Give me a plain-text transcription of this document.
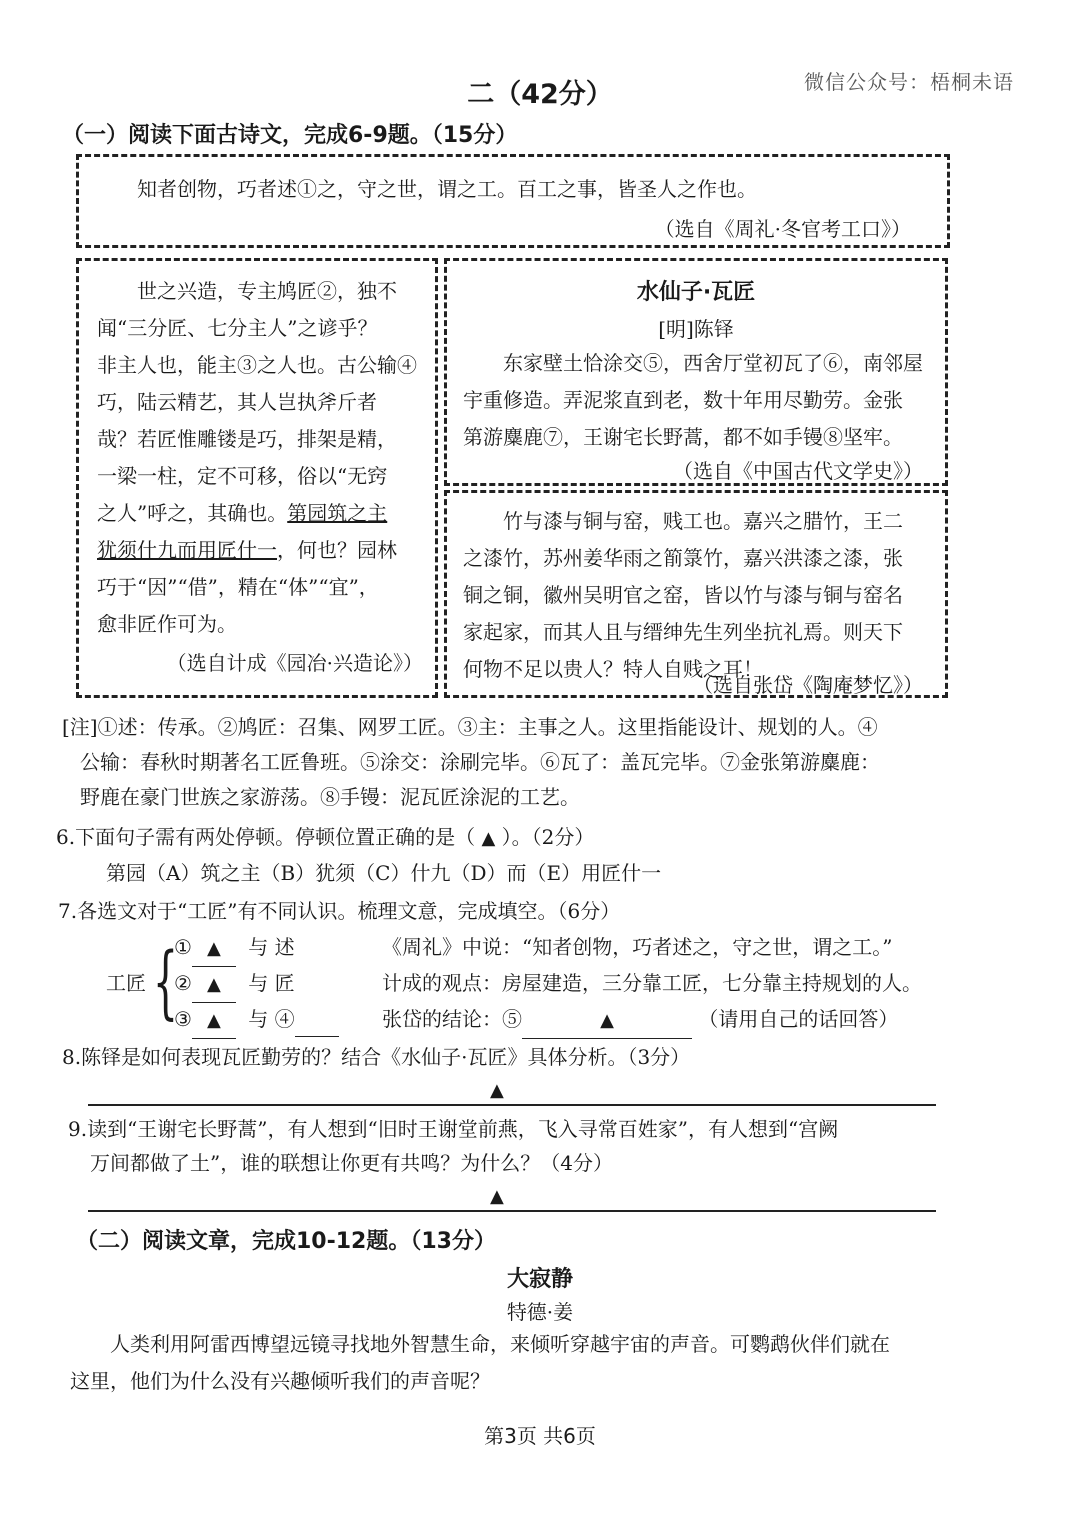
微信公众号：梧桐未语
二（42分）
（一）阅读下面古诗文，完成6-9题。（15分）
知者创物，巧者述①之，守之世，谓之工。百工之事，皆圣人之作也。
（选自《周礼·冬官考工口》）
世之兴造，专主鸠匠②，独不
闻“三分匠、七分主人”之谚乎？
非主人也，能主③之人也。古公输④
巧，陆云精艺，其人岂执斧斤者
哉？若匠惟雕镂是巧，排架是精，
一梁一柱，定不可移，俗以“无窍
之人”呼之，其确也。第园筑之主
犹须什九而用匠什一，何也？园林
巧于“因”“借”，精在“体”“宜”，
愈非匠作可为。
（选自计成《园冶·兴造论》）
水仙子·瓦匠
[明]陈铎
东家壁土恰涂交⑤，西舍厅堂初瓦了⑥，南邻屋
宇重修造。弄泥浆直到老，数十年用尽勤劳。金张
第游麋鹿⑦，王谢宅长野蒿，都不如手镘⑧坚牢。
（选自《中国古代文学史》）
竹与漆与铜与窑，贱工也。嘉兴之腊竹，王二
之漆竹，苏州姜华雨之箾箓竹，嘉兴洪漆之漆，张
铜之铜，徽州吴明官之窑，皆以竹与漆与铜与窑名
家起家，而其人且与缙绅先生列坐抗礼焉。则天下
何物不足以贵人？特人自贱之耳！
（选自张岱《陶庵梦忆》）
[注]①述：传承。②鸠匠：召集、网罗工匠。③主：主事之人。这里指能设计、规划的人。④
公输：春秋时期著名工匠鲁班。⑤涂交：涂刷完毕。⑥瓦了：盖瓦完毕。⑦金张第游麋鹿：
野鹿在豪门世族之家游荡。⑧手镘：泥瓦匠涂泥的工艺。
6.下面句子需有两处停顿。停顿位置正确的是（ ▲ ）。（2分）
第园（A）筑之主（B）犹须（C）什九（D）而（E）用匠什一
7.各选文对于“工匠”有不同认识。梳理文意，完成填空。（6分）
工匠 {
① ▲ 与 述	《周礼》中说：“知者创物，巧者述之，守之世，谓之工。”
② ▲ 与 匠	计成的观点：房屋建造，三分靠工匠，七分靠主持规划的人。
③ ▲ 与 ④	张岱的结论：⑤	▲	（请用自己的话回答）
8.陈铎是如何表现瓦匠勤劳的？结合《水仙子·瓦匠》具体分析。（3分）
▲
9.读到“王谢宅长野蒿”，有人想到“旧时王谢堂前燕，飞入寻常百姓家”，有人想到“宫阙
万间都做了土”，谁的联想让你更有共鸣？为什么？（4分）
▲
（二）阅读文章，完成10-12题。（13分）
大寂静
特德·姜
人类利用阿雷西博望远镜寻找地外智慧生命，来倾听穿越宇宙的声音。可鹦鹉伙伴们就在
这里，他们为什么没有兴趣倾听我们的声音呢？
第3页 共6页
